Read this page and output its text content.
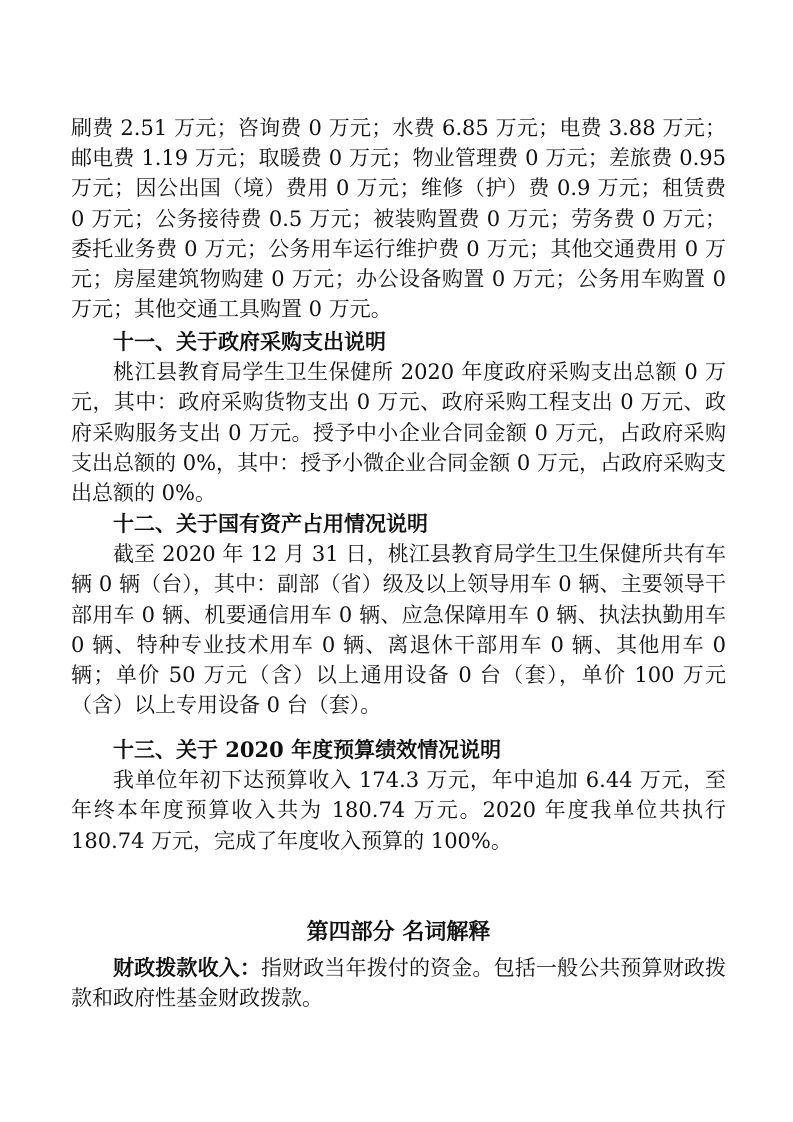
刷费 2.51 万元；咨询费 0 万元；水费 6.85 万元；电费 3.88 万元；邮电费 1.19 万元；取暖费 0 万元；物业管理费 0 万元；差旅费 0.95 万元；因公出国（境）费用 0 万元；维修（护）费 0.9 万元；租赁费 0 万元；公务接待费 0.5 万元；被装购置费 0 万元；劳务费 0 万元；委托业务费 0 万元；公务用车运行维护费 0 万元；其他交通费用 0 万元；房屋建筑物购建 0 万元；办公设备购置 0 万元；公务用车购置 0 万元；其他交通工具购置 0 万元。

十一、关于政府采购支出说明

桃江县教育局学生卫生保健所 2020 年度政府采购支出总额 0 万元，其中：政府采购货物支出 0 万元、政府采购工程支出 0 万元、政府采购服务支出 0 万元。授予中小企业合同金额 0 万元，占政府采购支出总额的 0%，其中：授予小微企业合同金额 0 万元，占政府采购支出总额的 0%。

十二、关于国有资产占用情况说明

截至 2020 年 12 月 31 日，桃江县教育局学生卫生保健所共有车辆 0 辆（台），其中：副部（省）级及以上领导用车 0 辆、主要领导干部用车 0 辆、机要通信用车 0 辆、应急保障用车 0 辆、执法执勤用车 0 辆、特种专业技术用车 0 辆、离退休干部用车 0 辆、其他用车 0 辆；单价 50 万元（含）以上通用设备 0 台（套），单价 100 万元（含）以上专用设备 0 台（套）。

十三、关于 2020 年度预算绩效情况说明

我单位年初下达预算收入 174.3 万元，年中追加 6.44 万元，至年终本年度预算收入共为 180.74 万元。2020 年度我单位共执行 180.74 万元，完成了年度收入预算的 100%。

第四部分 名词解释

财政拨款收入：指财政当年拨付的资金。包括一般公共预算财政拨款和政府性基金财政拨款。
